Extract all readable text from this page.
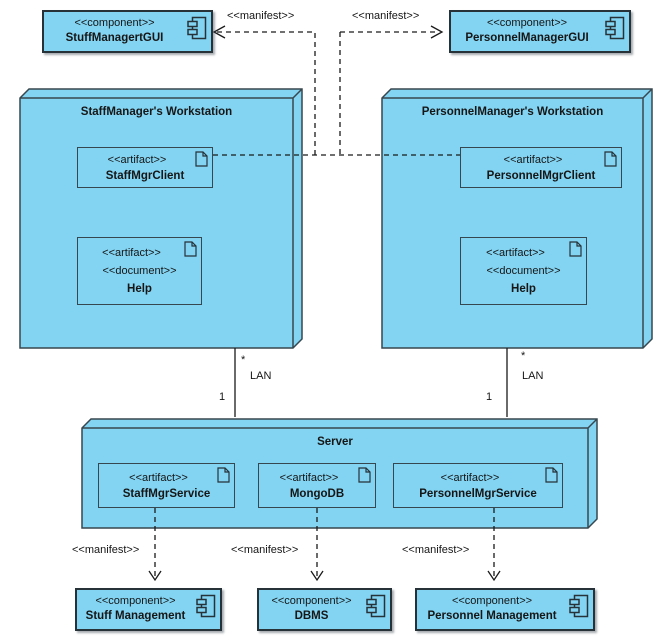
<<component>>
StuffManagertGUI
<<component>>
PersonnelManagerGUI
<<manifest>>	<<manifest>>
StaffManager's Workstation	PersonnelManager's Workstation
Server
<<artifact>>
StaffMgrClient
<<artifact>>
<<document>>
Help
<<artifact>>
PersonnelMgrClient
<<artifact>>
<<document>>
Help
*
LAN
1
*
LAN
1
<<artifact>>
StaffMgrService
<<artifact>>
MongoDB
<<artifact>>
PersonnelMgrService
<<manifest>>	<<manifest>>	<<manifest>>
<<component>>
Stuff Management
<<component>>
DBMS
<<component>>
Personnel Management
